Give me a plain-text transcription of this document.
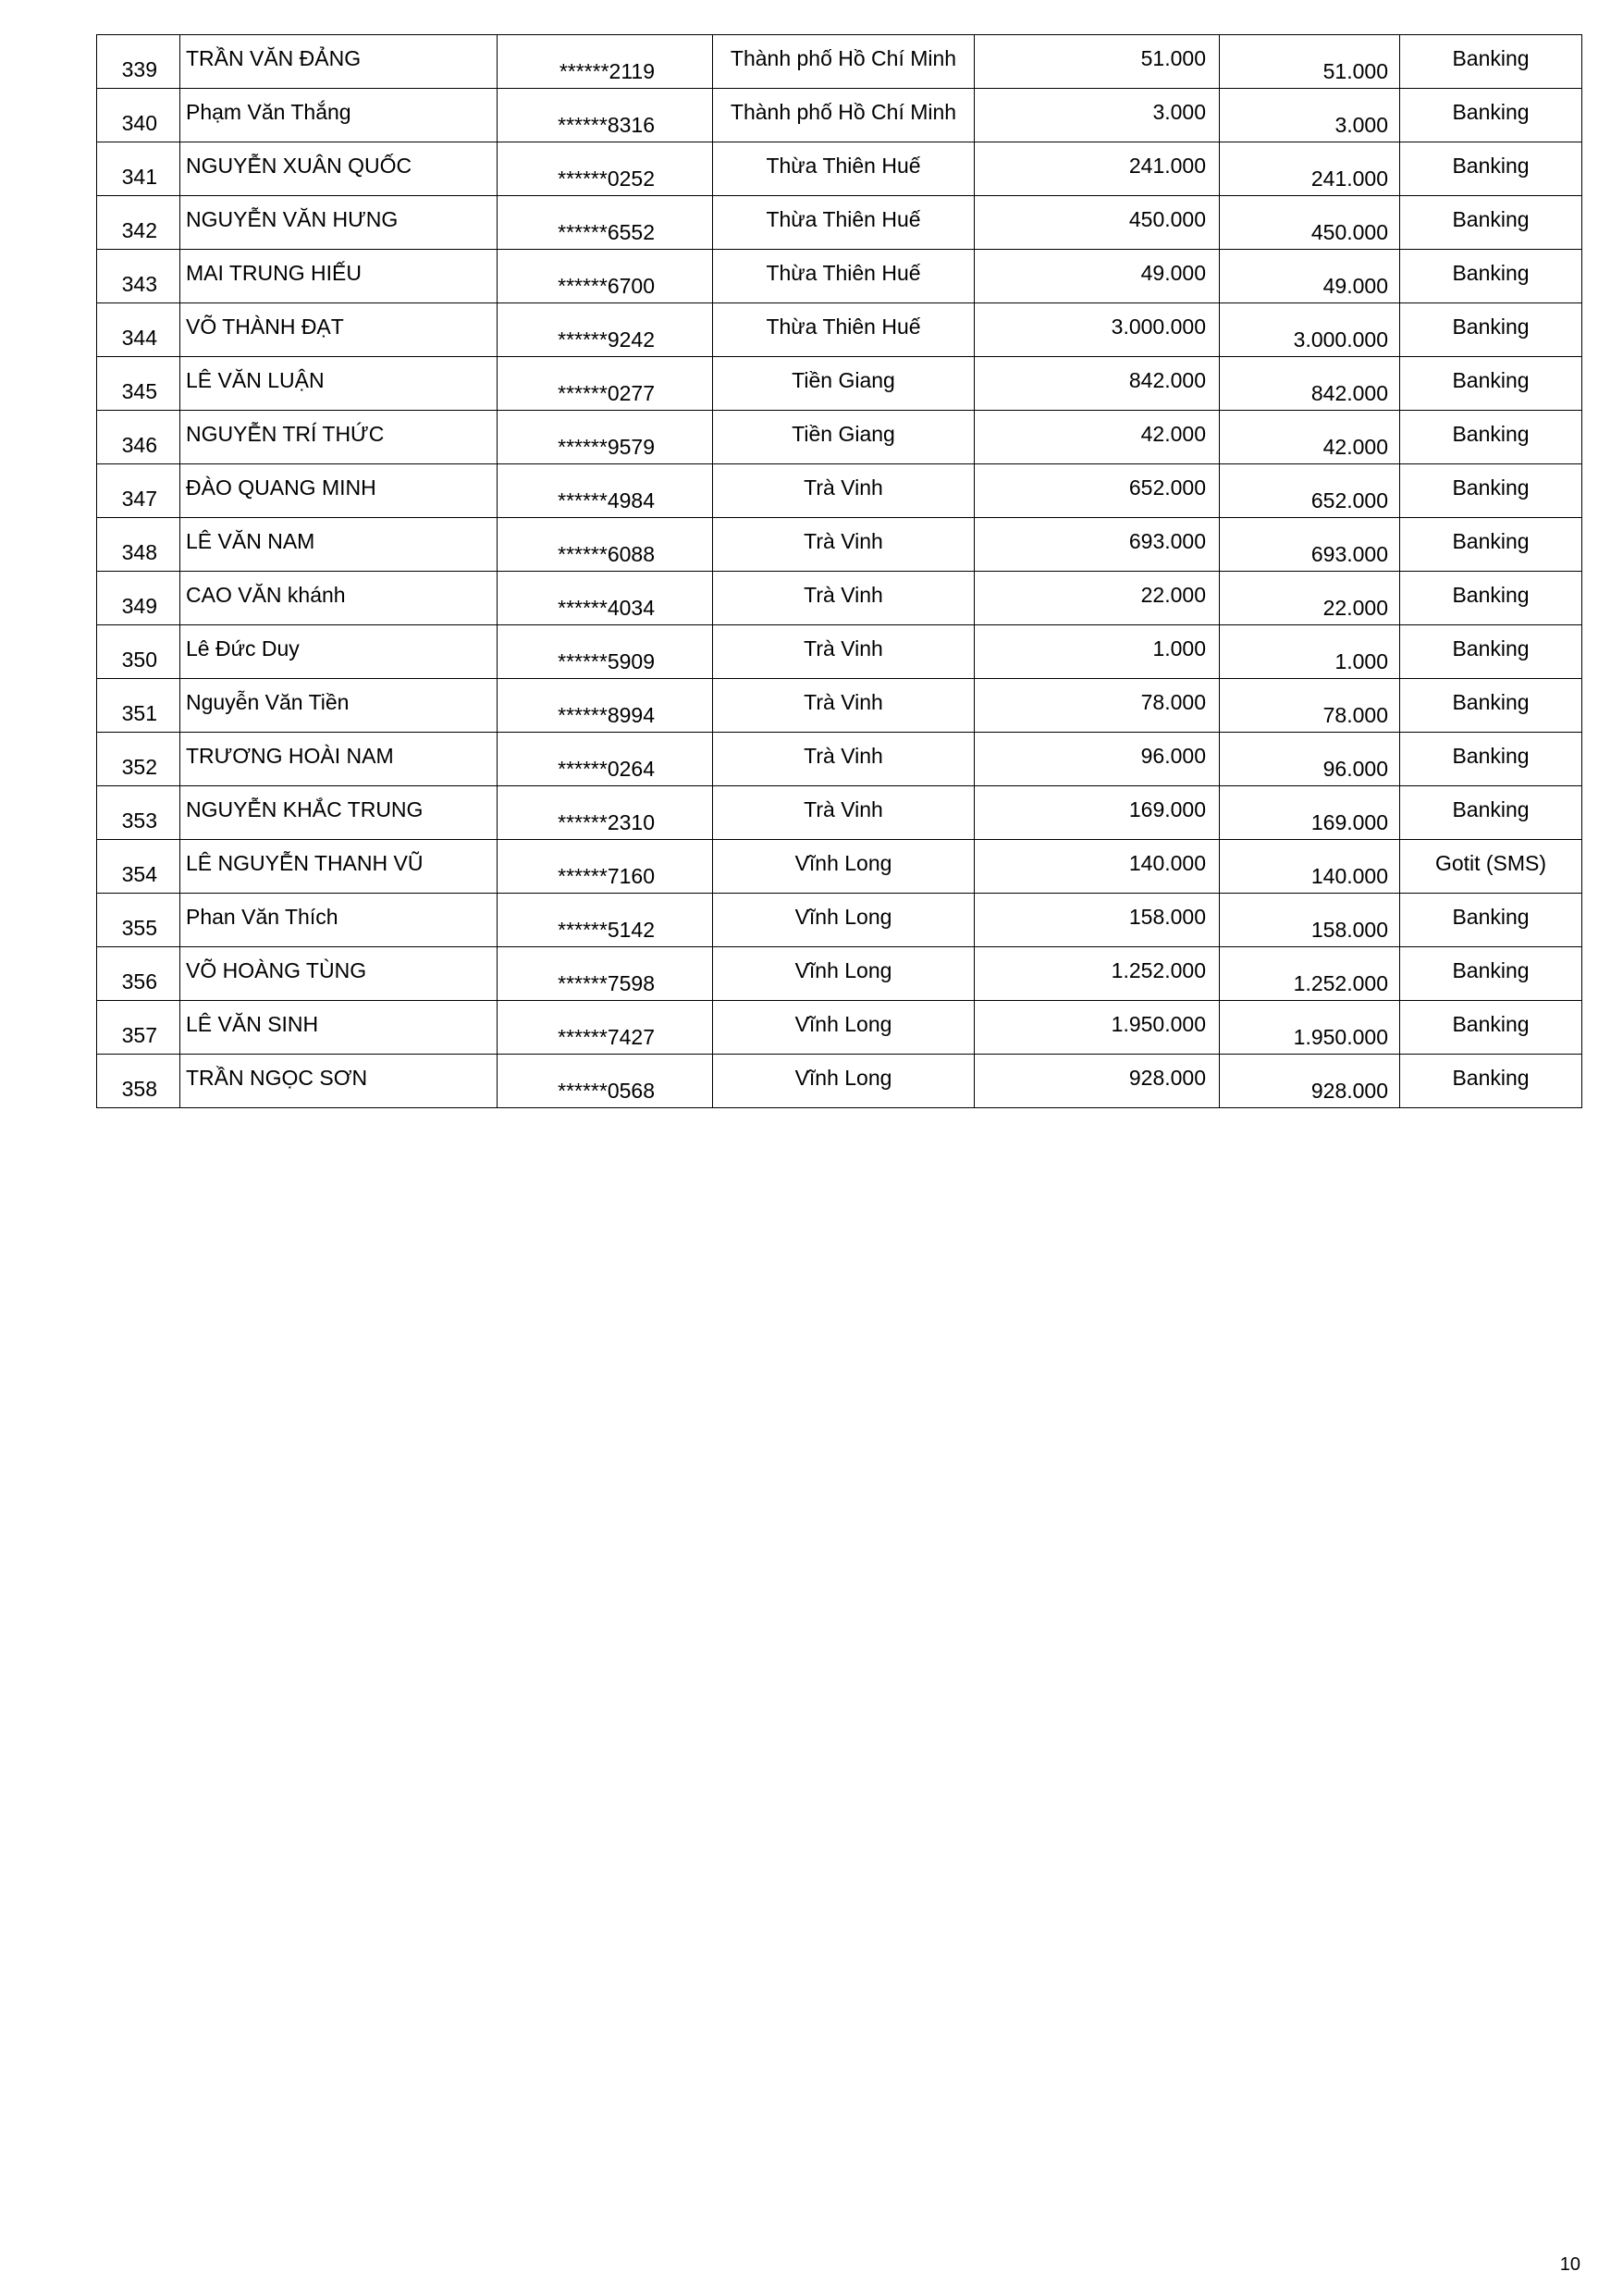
339	TRẦN VĂN ĐẢNG	******2119	Thành phố Hồ Chí Minh	51.000	51.000	Banking

340	Phạm Văn Thắng	******8316	Thành phố Hồ Chí Minh	3.000	3.000	Banking

341	NGUYỄN XUÂN QUỐC	******0252	Thừa Thiên Huế	241.000	241.000	Banking

342	NGUYỄN VĂN HƯNG	******6552	Thừa Thiên Huế	450.000	450.000	Banking

343	MAI TRUNG HIẾU	******6700	Thừa Thiên Huế	49.000	49.000	Banking

344	VÕ THÀNH ĐẠT	******9242	Thừa Thiên Huế	3.000.000	3.000.000	Banking

345	LÊ VĂN LUẬN	******0277	Tiền Giang	842.000	842.000	Banking

346	NGUYỄN TRÍ THỨC	******9579	Tiền Giang	42.000	42.000	Banking

347	ĐÀO QUANG MINH	******4984	Trà Vinh	652.000	652.000	Banking

348	LÊ VĂN NAM	******6088	Trà Vinh	693.000	693.000	Banking

349	CAO VĂN khánh	******4034	Trà Vinh	22.000	22.000	Banking

350	Lê Đức Duy	******5909	Trà Vinh	1.000	1.000	Banking

351	Nguyễn Văn Tiền	******8994	Trà Vinh	78.000	78.000	Banking

352	TRƯƠNG HOÀI NAM	******0264	Trà Vinh	96.000	96.000	Banking

353	NGUYỄN KHẮC TRUNG	******2310	Trà Vinh	169.000	169.000	Banking

354	LÊ NGUYỄN THANH VŨ	******7160	Vĩnh Long	140.000	140.000	Gotit (SMS)

355	Phan Văn Thích	******5142	Vĩnh Long	158.000	158.000	Banking

356	VÕ HOÀNG TÙNG	******7598	Vĩnh Long	1.252.000	1.252.000	Banking

357	LÊ VĂN SINH	******7427	Vĩnh Long	1.950.000	1.950.000	Banking

358	TRẦN NGỌC SƠN	******0568	Vĩnh Long	928.000	928.000	Banking
10
